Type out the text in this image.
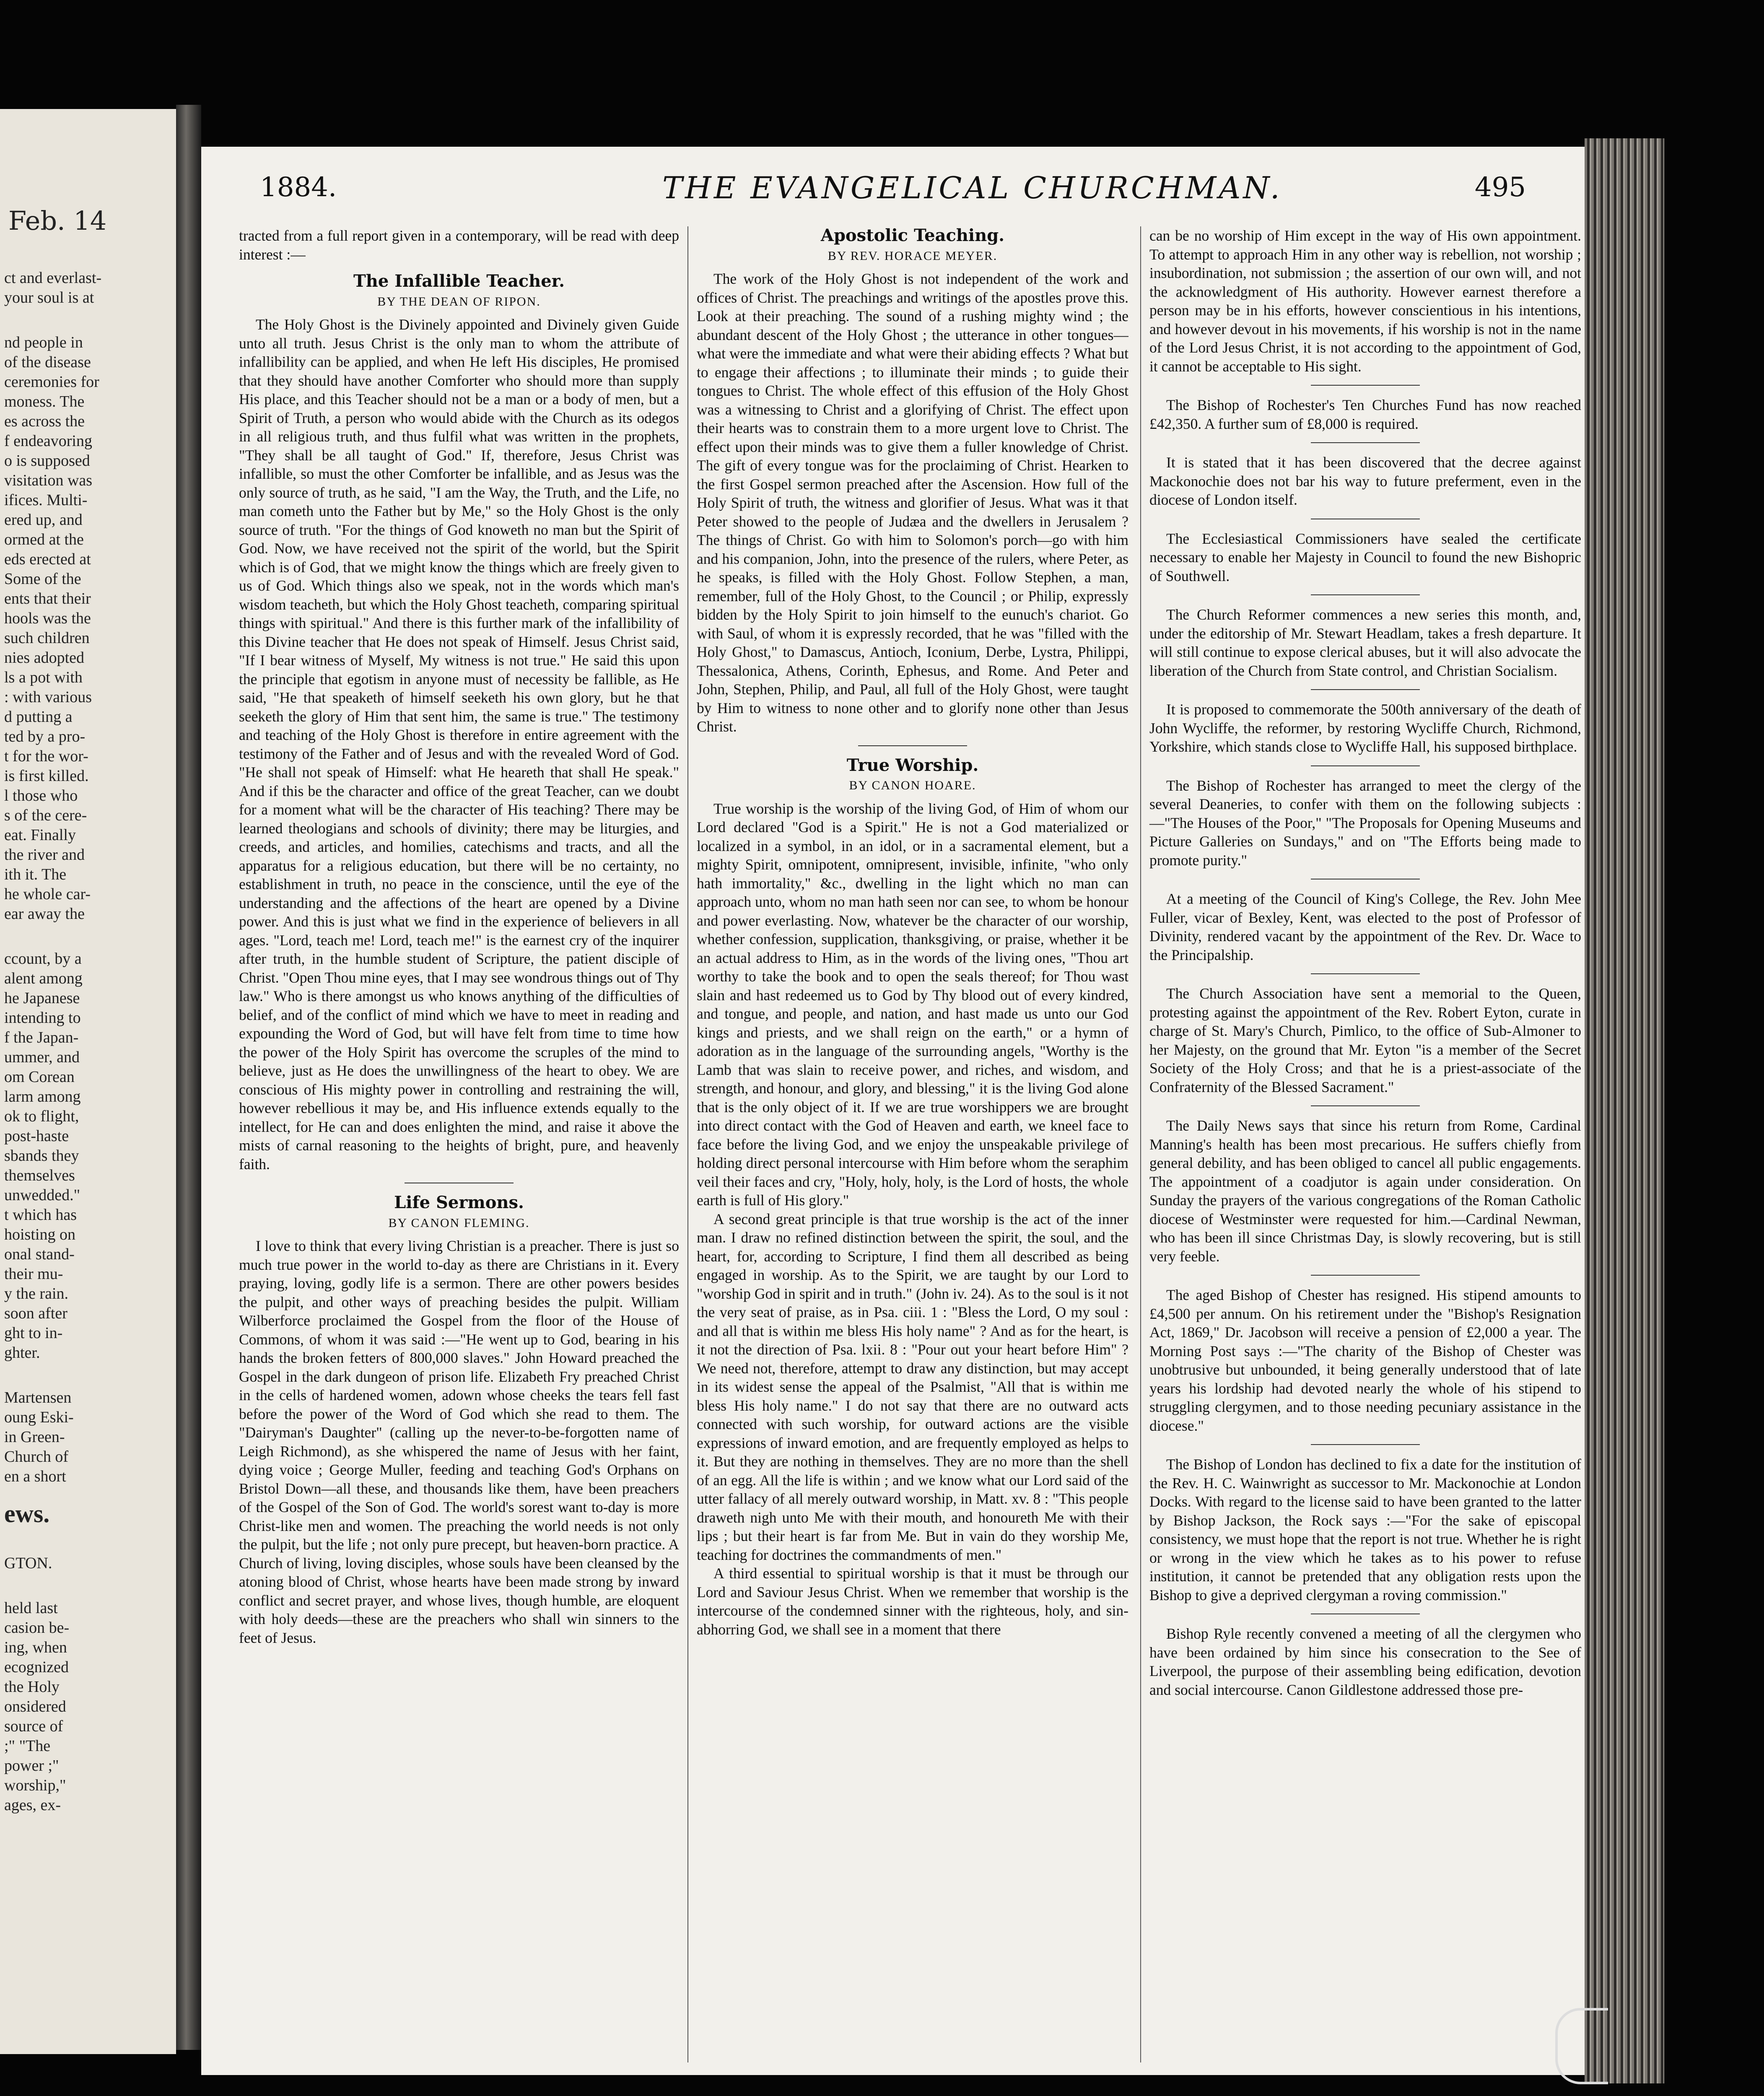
Feb. 14
ct and everlast-
your soul is at
nd people in
of the disease
ceremonies for
moness. The
es across the
f endeavoring
o is supposed
visitation was
ifices. Multi-
ered up, and
ormed at the
eds erected at
Some of the
ents that their
hools was the
such children
nies adopted
ls a pot with
: with various
d putting a
ted by a pro-
t for the wor-
is first killed.
l those who
s of the cere-
eat. Finally
the river and
ith it. The
he whole car-
ear away the
ccount, by a
alent among
he Japanese
intending to
f the Japan-
ummer, and
om Corean
larm among
ok to flight,
post-haste
sbands they
themselves
unwedded."
t which has
hoisting on
onal stand-
their mu-
y the rain.
soon after
ght to in-
ghter.
Martensen
oung Eski-
in Green-
Church of
en a short
ews.
GTON.
held last
casion be-
ing, when
ecognized
the Holy
onsidered
source of
;" "The
power ;"
worship,"
ages, ex-
1884.	THE EVANGELICAL CHURCHMAN.	495

tracted from a full report given in a contemporary, will be read with deep interest :—

The Infallible Teacher.
BY THE DEAN OF RIPON.

The Holy Ghost is the Divinely appointed and Divinely given Guide unto all truth. Jesus Christ is the only man to whom the attribute of infallibility can be applied, and when He left His disciples, He promised that they should have another Comforter who should more than supply His place, and this Teacher should not be a man or a body of men, but a Spirit of Truth, a person who would abide with the Church as its odegos in all religious truth, and thus fulfil what was written in the prophets, "They shall be all taught of God." If, therefore, Jesus Christ was infallible, so must the other Comforter be infallible, and as Jesus was the only source of truth, as he said, "I am the Way, the Truth, and the Life, no man cometh unto the Father but by Me," so the Holy Ghost is the only source of truth. "For the things of God knoweth no man but the Spirit of God. Now, we have received not the spirit of the world, but the Spirit which is of God, that we might know the things which are freely given to us of God. Which things also we speak, not in the words which man's wisdom teacheth, but which the Holy Ghost teacheth, comparing spiritual things with spiritual." And there is this further mark of the infallibility of this Divine teacher that He does not speak of Himself. Jesus Christ said, "If I bear witness of Myself, My witness is not true." He said this upon the principle that egotism in anyone must of necessity be fallible, as He said, "He that speaketh of himself seeketh his own glory, but he that seeketh the glory of Him that sent him, the same is true." The testimony and teaching of the Holy Ghost is therefore in entire agreement with the testimony of the Father and of Jesus and with the revealed Word of God. "He shall not speak of Himself: what He heareth that shall He speak." And if this be the character and office of the great Teacher, can we doubt for a moment what will be the character of His teaching? There may be learned theologians and schools of divinity; there may be liturgies, and creeds, and articles, and homilies, catechisms and tracts, and all the apparatus for a religious education, but there will be no certainty, no establishment in truth, no peace in the conscience, until the eye of the understanding and the affections of the heart are opened by a Divine power. And this is just what we find in the experience of believers in all ages. "Lord, teach me! Lord, teach me!" is the earnest cry of the inquirer after truth, in the humble student of Scripture, the patient disciple of Christ. "Open Thou mine eyes, that I may see wondrous things out of Thy law." Who is there amongst us who knows anything of the difficulties of belief, and of the conflict of mind which we have to meet in reading and expounding the Word of God, but will have felt from time to time how the power of the Holy Spirit has overcome the scruples of the mind to believe, just as He does the unwillingness of the heart to obey. We are conscious of His mighty power in controlling and restraining the will, however rebellious it may be, and His influence extends equally to the intellect, for He can and does enlighten the mind, and raise it above the mists of carnal reasoning to the heights of bright, pure, and heavenly faith.

Life Sermons.
BY CANON FLEMING.

I love to think that every living Christian is a preacher. There is just so much true power in the world to-day as there are Christians in it. Every praying, loving, godly life is a sermon. There are other powers besides the pulpit, and other ways of preaching besides the pulpit. William Wilberforce proclaimed the Gospel from the floor of the House of Commons, of whom it was said :—"He went up to God, bearing in his hands the broken fetters of 800,000 slaves." John Howard preached the Gospel in the dark dungeon of prison life. Elizabeth Fry preached Christ in the cells of hardened women, adown whose cheeks the tears fell fast before the power of the Word of God which she read to them. The "Dairyman's Daughter" (calling up the never-to-be-forgotten name of Leigh Richmond), as she whispered the name of Jesus with her faint, dying voice ; George Muller, feeding and teaching God's Orphans on Bristol Down—all these, and thousands like them, have been preachers of the Gospel of the Son of God. The world's sorest want to-day is more Christ-like men and women. The preaching the world needs is not only the pulpit, but the life ; not only pure precept, but heaven-born practice. A Church of living, loving disciples, whose souls have been cleansed by the atoning blood of Christ, whose hearts have been made strong by inward conflict and secret prayer, and whose lives, though humble, are eloquent with holy deeds—these are the preachers who shall win sinners to the feet of Jesus.

Apostolic Teaching.
BY REV. HORACE MEYER.

The work of the Holy Ghost is not independent of the work and offices of Christ. The preachings and writings of the apostles prove this. Look at their preaching. The sound of a rushing mighty wind ; the abundant descent of the Holy Ghost ; the utterance in other tongues—what were the immediate and what were their abiding effects ? What but to engage their affections ; to illuminate their minds ; to guide their tongues to Christ. The whole effect of this effusion of the Holy Ghost was a witnessing to Christ and a glorifying of Christ. The effect upon their hearts was to constrain them to a more urgent love to Christ. The effect upon their minds was to give them a fuller knowledge of Christ. The gift of every tongue was for the proclaiming of Christ. Hearken to the first Gospel sermon preached after the Ascension. How full of the Holy Spirit of truth, the witness and glorifier of Jesus. What was it that Peter showed to the people of Judæa and the dwellers in Jerusalem ? The things of Christ. Go with him to Solomon's porch—go with him and his companion, John, into the presence of the rulers, where Peter, as he speaks, is filled with the Holy Ghost. Follow Stephen, a man, remember, full of the Holy Ghost, to the Council ; or Philip, expressly bidden by the Holy Spirit to join himself to the eunuch's chariot. Go with Saul, of whom it is expressly recorded, that he was "filled with the Holy Ghost," to Damascus, Antioch, Iconium, Derbe, Lystra, Philippi, Thessalonica, Athens, Corinth, Ephesus, and Rome. And Peter and John, Stephen, Philip, and Paul, all full of the Holy Ghost, were taught by Him to witness to none other and to glorify none other than Jesus Christ.

True Worship.
BY CANON HOARE.

True worship is the worship of the living God, of Him of whom our Lord declared "God is a Spirit." He is not a God materialized or localized in a symbol, in an idol, or in a sacramental element, but a mighty Spirit, omnipotent, omnipresent, invisible, infinite, "who only hath immortality," &c., dwelling in the light which no man can approach unto, whom no man hath seen nor can see, to whom be honour and power everlasting. Now, whatever be the character of our worship, whether confession, supplication, thanksgiving, or praise, whether it be an actual address to Him, as in the words of the living ones, "Thou art worthy to take the book and to open the seals thereof; for Thou wast slain and hast redeemed us to God by Thy blood out of every kindred, and tongue, and people, and nation, and hast made us unto our God kings and priests, and we shall reign on the earth," or a hymn of adoration as in the language of the surrounding angels, "Worthy is the Lamb that was slain to receive power, and riches, and wisdom, and strength, and honour, and glory, and blessing," it is the living God alone that is the only object of it. If we are true worshippers we are brought into direct contact with the God of Heaven and earth, we kneel face to face before the living God, and we enjoy the unspeakable privilege of holding direct personal intercourse with Him before whom the seraphim veil their faces and cry, "Holy, holy, holy, is the Lord of hosts, the whole earth is full of His glory."

A second great principle is that true worship is the act of the inner man. I draw no refined distinction between the spirit, the soul, and the heart, for, according to Scripture, I find them all described as being engaged in worship. As to the Spirit, we are taught by our Lord to "worship God in spirit and in truth." (John iv. 24). As to the soul is it not the very seat of praise, as in Psa. ciii. 1 : "Bless the Lord, O my soul : and all that is within me bless His holy name" ? And as for the heart, is it not the direction of Psa. lxii. 8 : "Pour out your heart before Him" ? We need not, therefore, attempt to draw any distinction, but may accept in its widest sense the appeal of the Psalmist, "All that is within me bless His holy name." I do not say that there are no outward acts connected with such worship, for outward actions are the visible expressions of inward emotion, and are frequently employed as helps to it. But they are nothing in themselves. They are no more than the shell of an egg. All the life is within ; and we know what our Lord said of the utter fallacy of all merely outward worship, in Matt. xv. 8 : "This people draweth nigh unto Me with their mouth, and honoureth Me with their lips ; but their heart is far from Me. But in vain do they worship Me, teaching for doctrines the commandments of men."

A third essential to spiritual worship is that it must be through our Lord and Saviour Jesus Christ. When we remember that worship is the intercourse of the condemned sinner with the righteous, holy, and sin-abhorring God, we shall see in a moment that there

can be no worship of Him except in the way of His own appointment. To attempt to approach Him in any other way is rebellion, not worship ; insubordination, not submission ; the assertion of our own will, and not the acknowledgment of His authority. However earnest therefore a person may be in his efforts, however conscientious in his intentions, and however devout in his movements, if his worship is not in the name of the Lord Jesus Christ, it is not according to the appointment of God, it cannot be acceptable to His sight.

The Bishop of Rochester's Ten Churches Fund has now reached £42,350. A further sum of £8,000 is required.

It is stated that it has been discovered that the decree against Mackonochie does not bar his way to future preferment, even in the diocese of London itself.

The Ecclesiastical Commissioners have sealed the certificate necessary to enable her Majesty in Council to found the new Bishopric of Southwell.

The Church Reformer commences a new series this month, and, under the editorship of Mr. Stewart Headlam, takes a fresh departure. It will still continue to expose clerical abuses, but it will also advocate the liberation of the Church from State control, and Christian Socialism.

It is proposed to commemorate the 500th anniversary of the death of John Wycliffe, the reformer, by restoring Wycliffe Church, Richmond, Yorkshire, which stands close to Wycliffe Hall, his supposed birthplace.

The Bishop of Rochester has arranged to meet the clergy of the several Deaneries, to confer with them on the following subjects :—"The Houses of the Poor," "The Proposals for Opening Museums and Picture Galleries on Sundays," and on "The Efforts being made to promote purity."

At a meeting of the Council of King's College, the Rev. John Mee Fuller, vicar of Bexley, Kent, was elected to the post of Professor of Divinity, rendered vacant by the appointment of the Rev. Dr. Wace to the Principalship.

The Church Association have sent a memorial to the Queen, protesting against the appointment of the Rev. Robert Eyton, curate in charge of St. Mary's Church, Pimlico, to the office of Sub-Almoner to her Majesty, on the ground that Mr. Eyton "is a member of the Secret Society of the Holy Cross; and that he is a priest-associate of the Confraternity of the Blessed Sacrament."

The Daily News says that since his return from Rome, Cardinal Manning's health has been most precarious. He suffers chiefly from general debility, and has been obliged to cancel all public engagements. The appointment of a coadjutor is again under consideration. On Sunday the prayers of the various congregations of the Roman Catholic diocese of Westminster were requested for him.—Cardinal Newman, who has been ill since Christmas Day, is slowly recovering, but is still very feeble.

The aged Bishop of Chester has resigned. His stipend amounts to £4,500 per annum. On his retirement under the "Bishop's Resignation Act, 1869," Dr. Jacobson will receive a pension of £2,000 a year. The Morning Post says :—"The charity of the Bishop of Chester was unobtrusive but unbounded, it being generally understood that of late years his lordship had devoted nearly the whole of his stipend to struggling clergymen, and to those needing pecuniary assistance in the diocese."

The Bishop of London has declined to fix a date for the institution of the Rev. H. C. Wainwright as successor to Mr. Mackonochie at London Docks. With regard to the license said to have been granted to the latter by Bishop Jackson, the Rock says :—"For the sake of episcopal consistency, we must hope that the report is not true. Whether he is right or wrong in the view which he takes as to his power to refuse institution, it cannot be pretended that any obligation rests upon the Bishop to give a deprived clergyman a roving commission."

Bishop Ryle recently convened a meeting of all the clergymen who have been ordained by him since his consecration to the See of Liverpool, the purpose of their assembling being edification, devotion and social intercourse. Canon Gildlestone addressed those pre-
